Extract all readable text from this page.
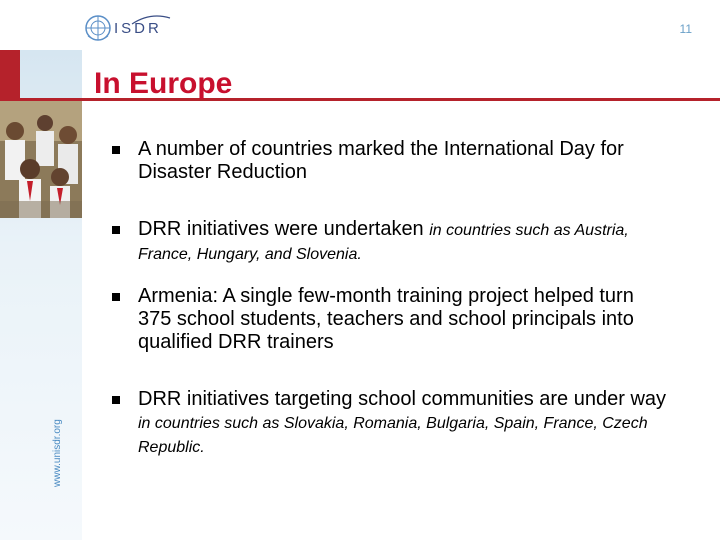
ISDR	11
In Europe
www.unisdr.org
A number of countries marked the International Day for Disaster Reduction
DRR initiatives were undertaken in countries such as Austria, France, Hungary, and Slovenia.
Armenia: A single few-month training project helped turn 375 school students, teachers and school principals into qualified DRR trainers
DRR initiatives targeting school communities are under way in countries such as Slovakia, Romania, Bulgaria, Spain, France, Czech Republic.
